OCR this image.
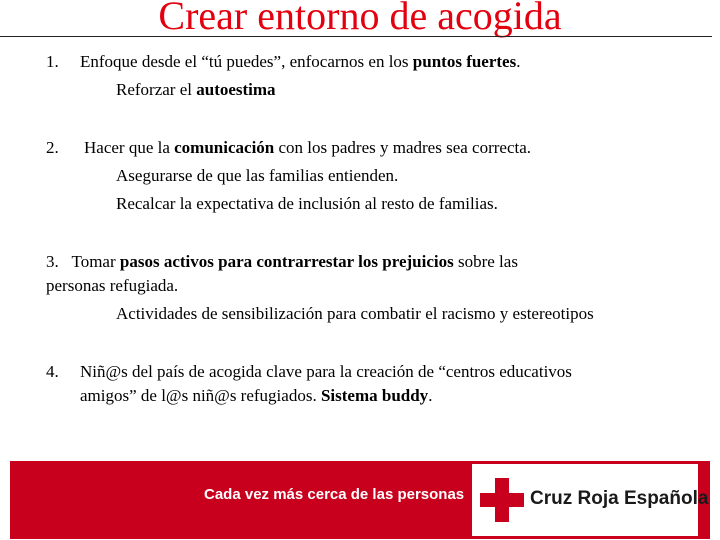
Crear entorno de acogida
1. Enfoque desde el “tú puedes”, enfocarnos en los puntos fuertes.
Reforzar el autoestima
2. Hacer que la comunicación con los padres y madres sea correcta.
Asegurarse de que las familias entienden.
Recalcar la expectativa de inclusión al resto de familias.
3. Tomar pasos activos para contrarrestar los prejuicios sobre las
personas refugiada.
Actividades de sensibilización para combatir el racismo y estereotipos
4. Niñ@s del país de acogida clave para la creación de “centros educativos
amigos” de l@s niñ@s refugiados. Sistema buddy.
Cada vez más cerca de las personas	Cruz Roja Española
